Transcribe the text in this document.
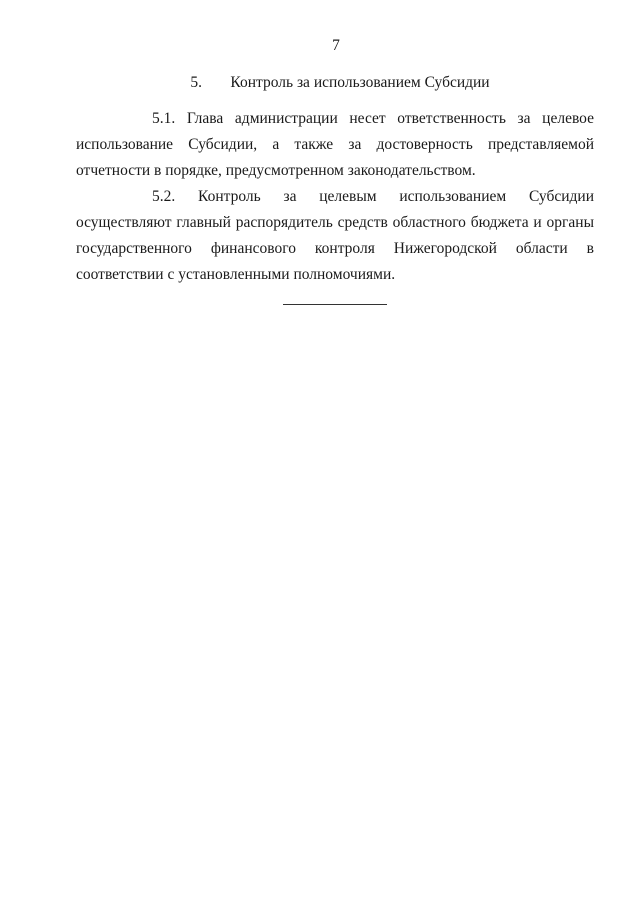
7
5. Контроль за использованием Субсидии

5.1. Глава администрации несет ответственность за целевое использование Субсидии, а также за достоверность представляемой отчетности в порядке, предусмотренном законодательством.

5.2. Контроль за целевым использованием Субсидии осуществляют главный распорядитель средств областного бюджета и органы государственного финансового контроля Нижегородской области в соответствии с установленными полномочиями.
